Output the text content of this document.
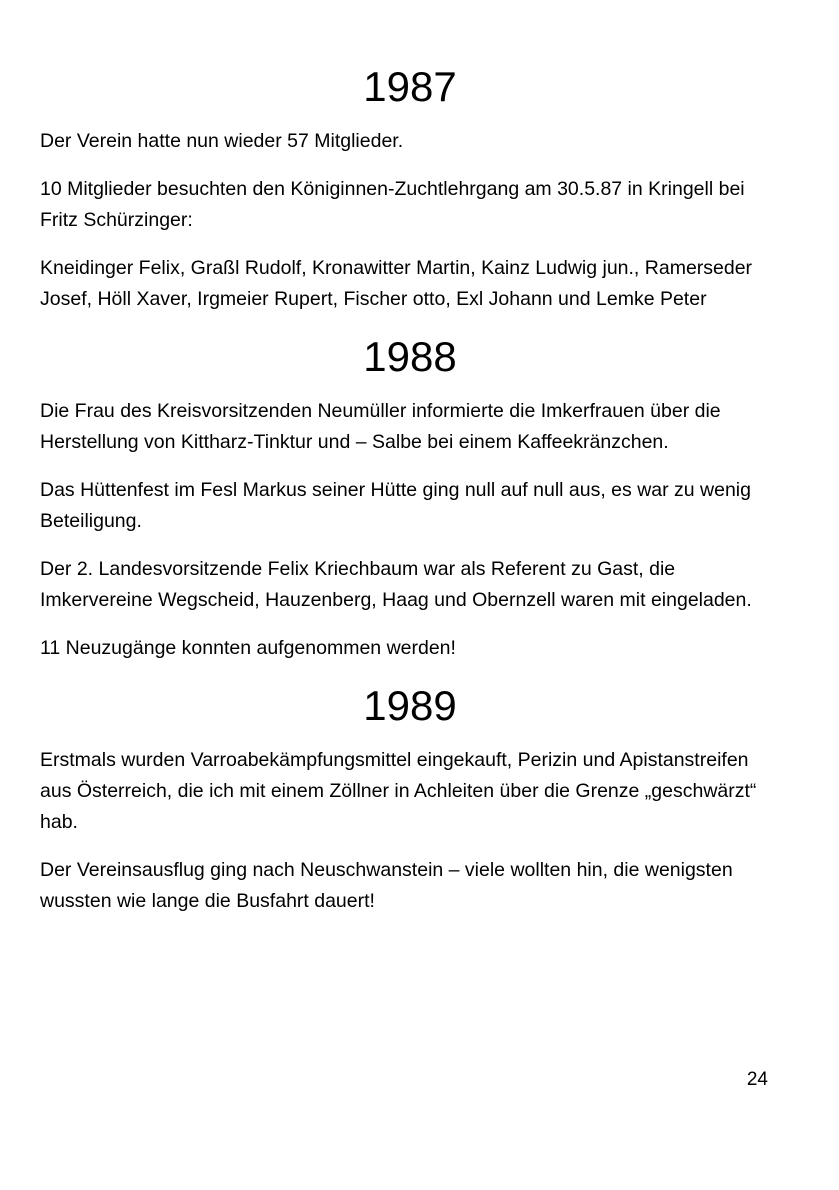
1987

Der Verein hatte nun wieder 57 Mitglieder.

10 Mitglieder besuchten den Königinnen-Zuchtlehrgang am 30.5.87 in Kringell bei Fritz Schürzinger:

Kneidinger Felix, Graßl Rudolf, Kronawitter Martin, Kainz Ludwig jun., Ramerseder Josef, Höll Xaver, Irgmeier Rupert, Fischer otto, Exl Johann und Lemke Peter

1988

Die Frau des Kreisvorsitzenden Neumüller informierte die Imkerfrauen über die Herstellung von Kittharz-Tinktur und – Salbe bei einem Kaffeekränzchen.

Das Hüttenfest im Fesl Markus seiner Hütte ging null auf null aus, es war zu wenig Beteiligung.

Der 2. Landesvorsitzende Felix Kriechbaum war als Referent zu Gast, die Imkervereine Wegscheid, Hauzenberg, Haag und Obernzell waren mit eingeladen.

11 Neuzugänge konnten aufgenommen werden!

1989

Erstmals wurden Varroabekämpfungsmittel eingekauft, Perizin und Apistanstreifen aus Österreich, die ich mit einem Zöllner in Achleiten über die Grenze „geschwärzt“ hab.

Der Vereinsausflug ging nach Neuschwanstein – viele wollten hin, die wenigsten wussten wie lange die Busfahrt dauert!

24
